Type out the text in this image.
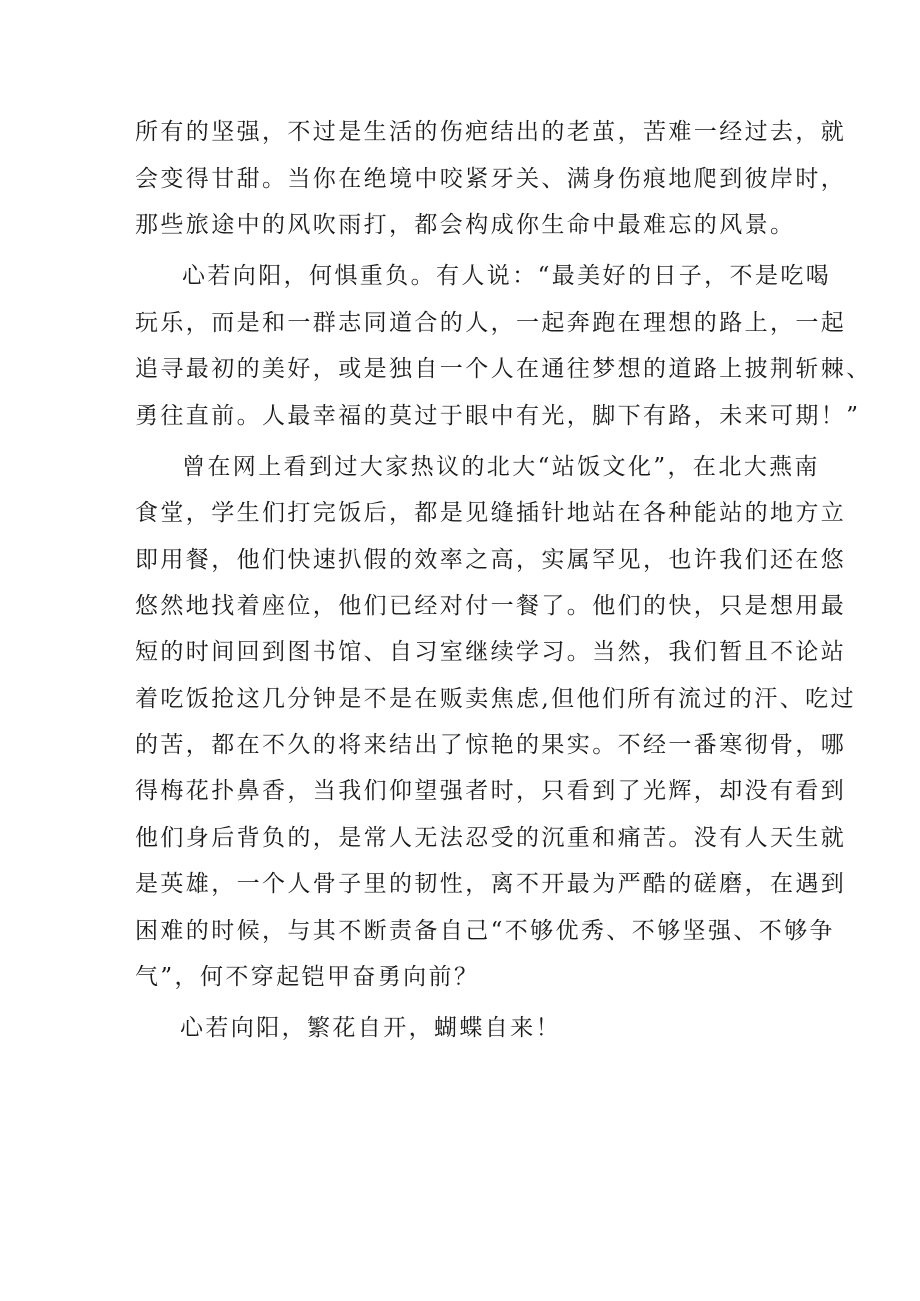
所有的坚强，不过是生活的伤疤结出的老茧，苦难一经过去，就
会变得甘甜。当你在绝境中咬紧牙关、满身伤痕地爬到彼岸时，
那些旅途中的风吹雨打，都会构成你生命中最难忘的风景。
心若向阳，何惧重负。有人说：“最美好的日子，不是吃喝
玩乐，而是和一群志同道合的人，一起奔跑在理想的路上，一起
追寻最初的美好，或是独自一个人在通往梦想的道路上披荆斩棘、
勇往直前。人最幸福的莫过于眼中有光，脚下有路，未来可期！”
曾在网上看到过大家热议的北大“站饭文化”，在北大燕南
食堂，学生们打完饭后，都是见缝插针地站在各种能站的地方立
即用餐，他们快速扒假的效率之高，实属罕见，也许我们还在悠
悠然地找着座位，他们已经对付一餐了。他们的快，只是想用最
短的时间回到图书馆、自习室继续学习。当然，我们暂且不论站
着吃饭抢这几分钟是不是在贩卖焦虑,但他们所有流过的汗、吃过
的苦，都在不久的将来结出了惊艳的果实。不经一番寒彻骨，哪
得梅花扑鼻香，当我们仰望强者时，只看到了光辉，却没有看到
他们身后背负的，是常人无法忍受的沉重和痛苦。没有人天生就
是英雄，一个人骨子里的韧性，离不开最为严酷的磋磨，在遇到
困难的时候，与其不断责备自己“不够优秀、不够坚强、不够争
气”，何不穿起铠甲奋勇向前？
心若向阳，繁花自开，蝴蝶自来！
